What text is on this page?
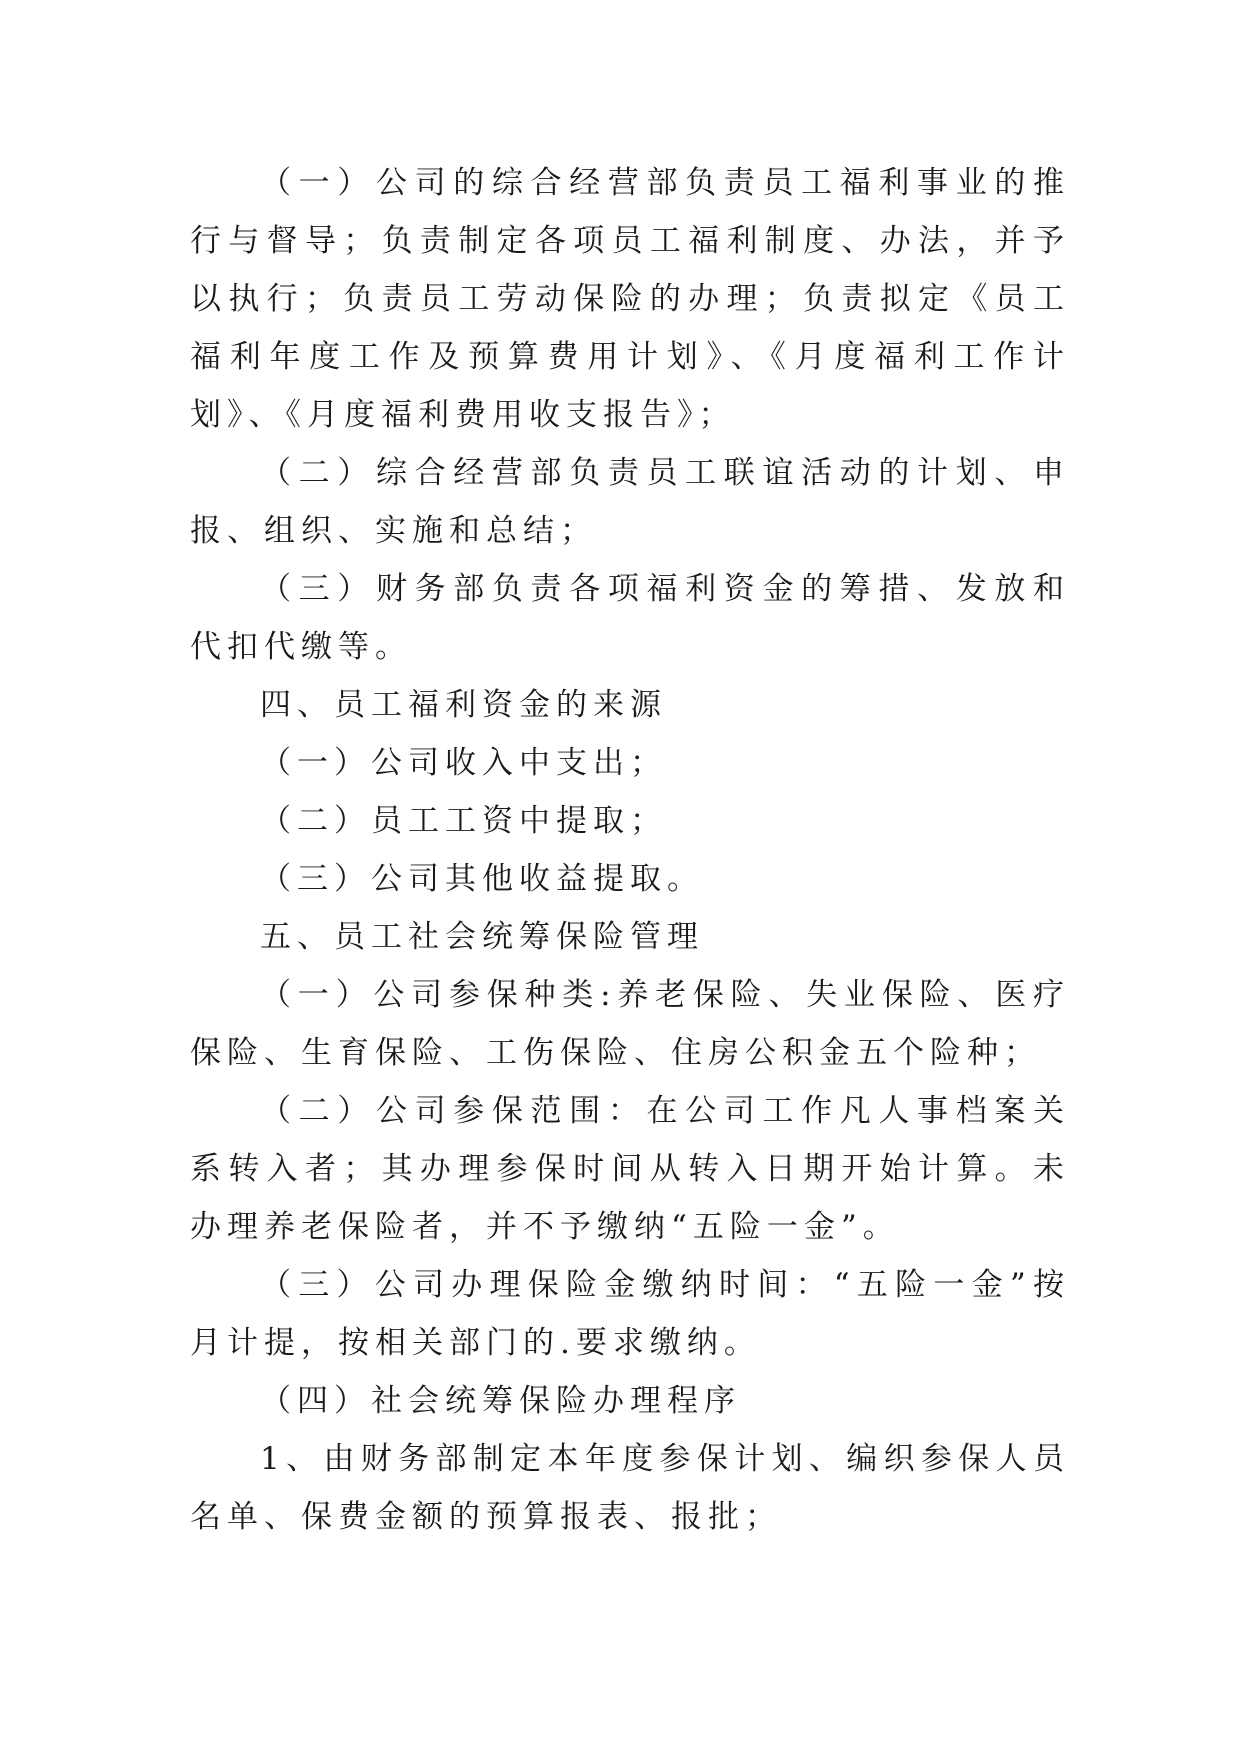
（一）公司的综合经营部负责员工福利事业的推行与督导；负责制定各项员工福利制度、办法，并予以执行；负责员工劳动保险的办理；负责拟定《员工福利年度工作及预算费用计划》、《月度福利工作计划》、《月度福利费用收支报告》；

（二）综合经营部负责员工联谊活动的计划、申报、组织、实施和总结；

（三）财务部负责各项福利资金的筹措、发放和代扣代缴等。

四、员工福利资金的来源

（一）公司收入中支出；

（二）员工工资中提取；

（三）公司其他收益提取。

五、员工社会统筹保险管理

（一）公司参保种类:养老保险、失业保险、医疗保险、生育保险、工伤保险、住房公积金五个险种；

（二）公司参保范围：在公司工作凡人事档案关系转入者；其办理参保时间从转入日期开始计算。未办理养老保险者，并不予缴纳“五险一金”。

（三）公司办理保险金缴纳时间：“五险一金”按月计提，按相关部门的.要求缴纳。

（四）社会统筹保险办理程序

1、由财务部制定本年度参保计划、编织参保人员名单、保费金额的预算报表、报批；
